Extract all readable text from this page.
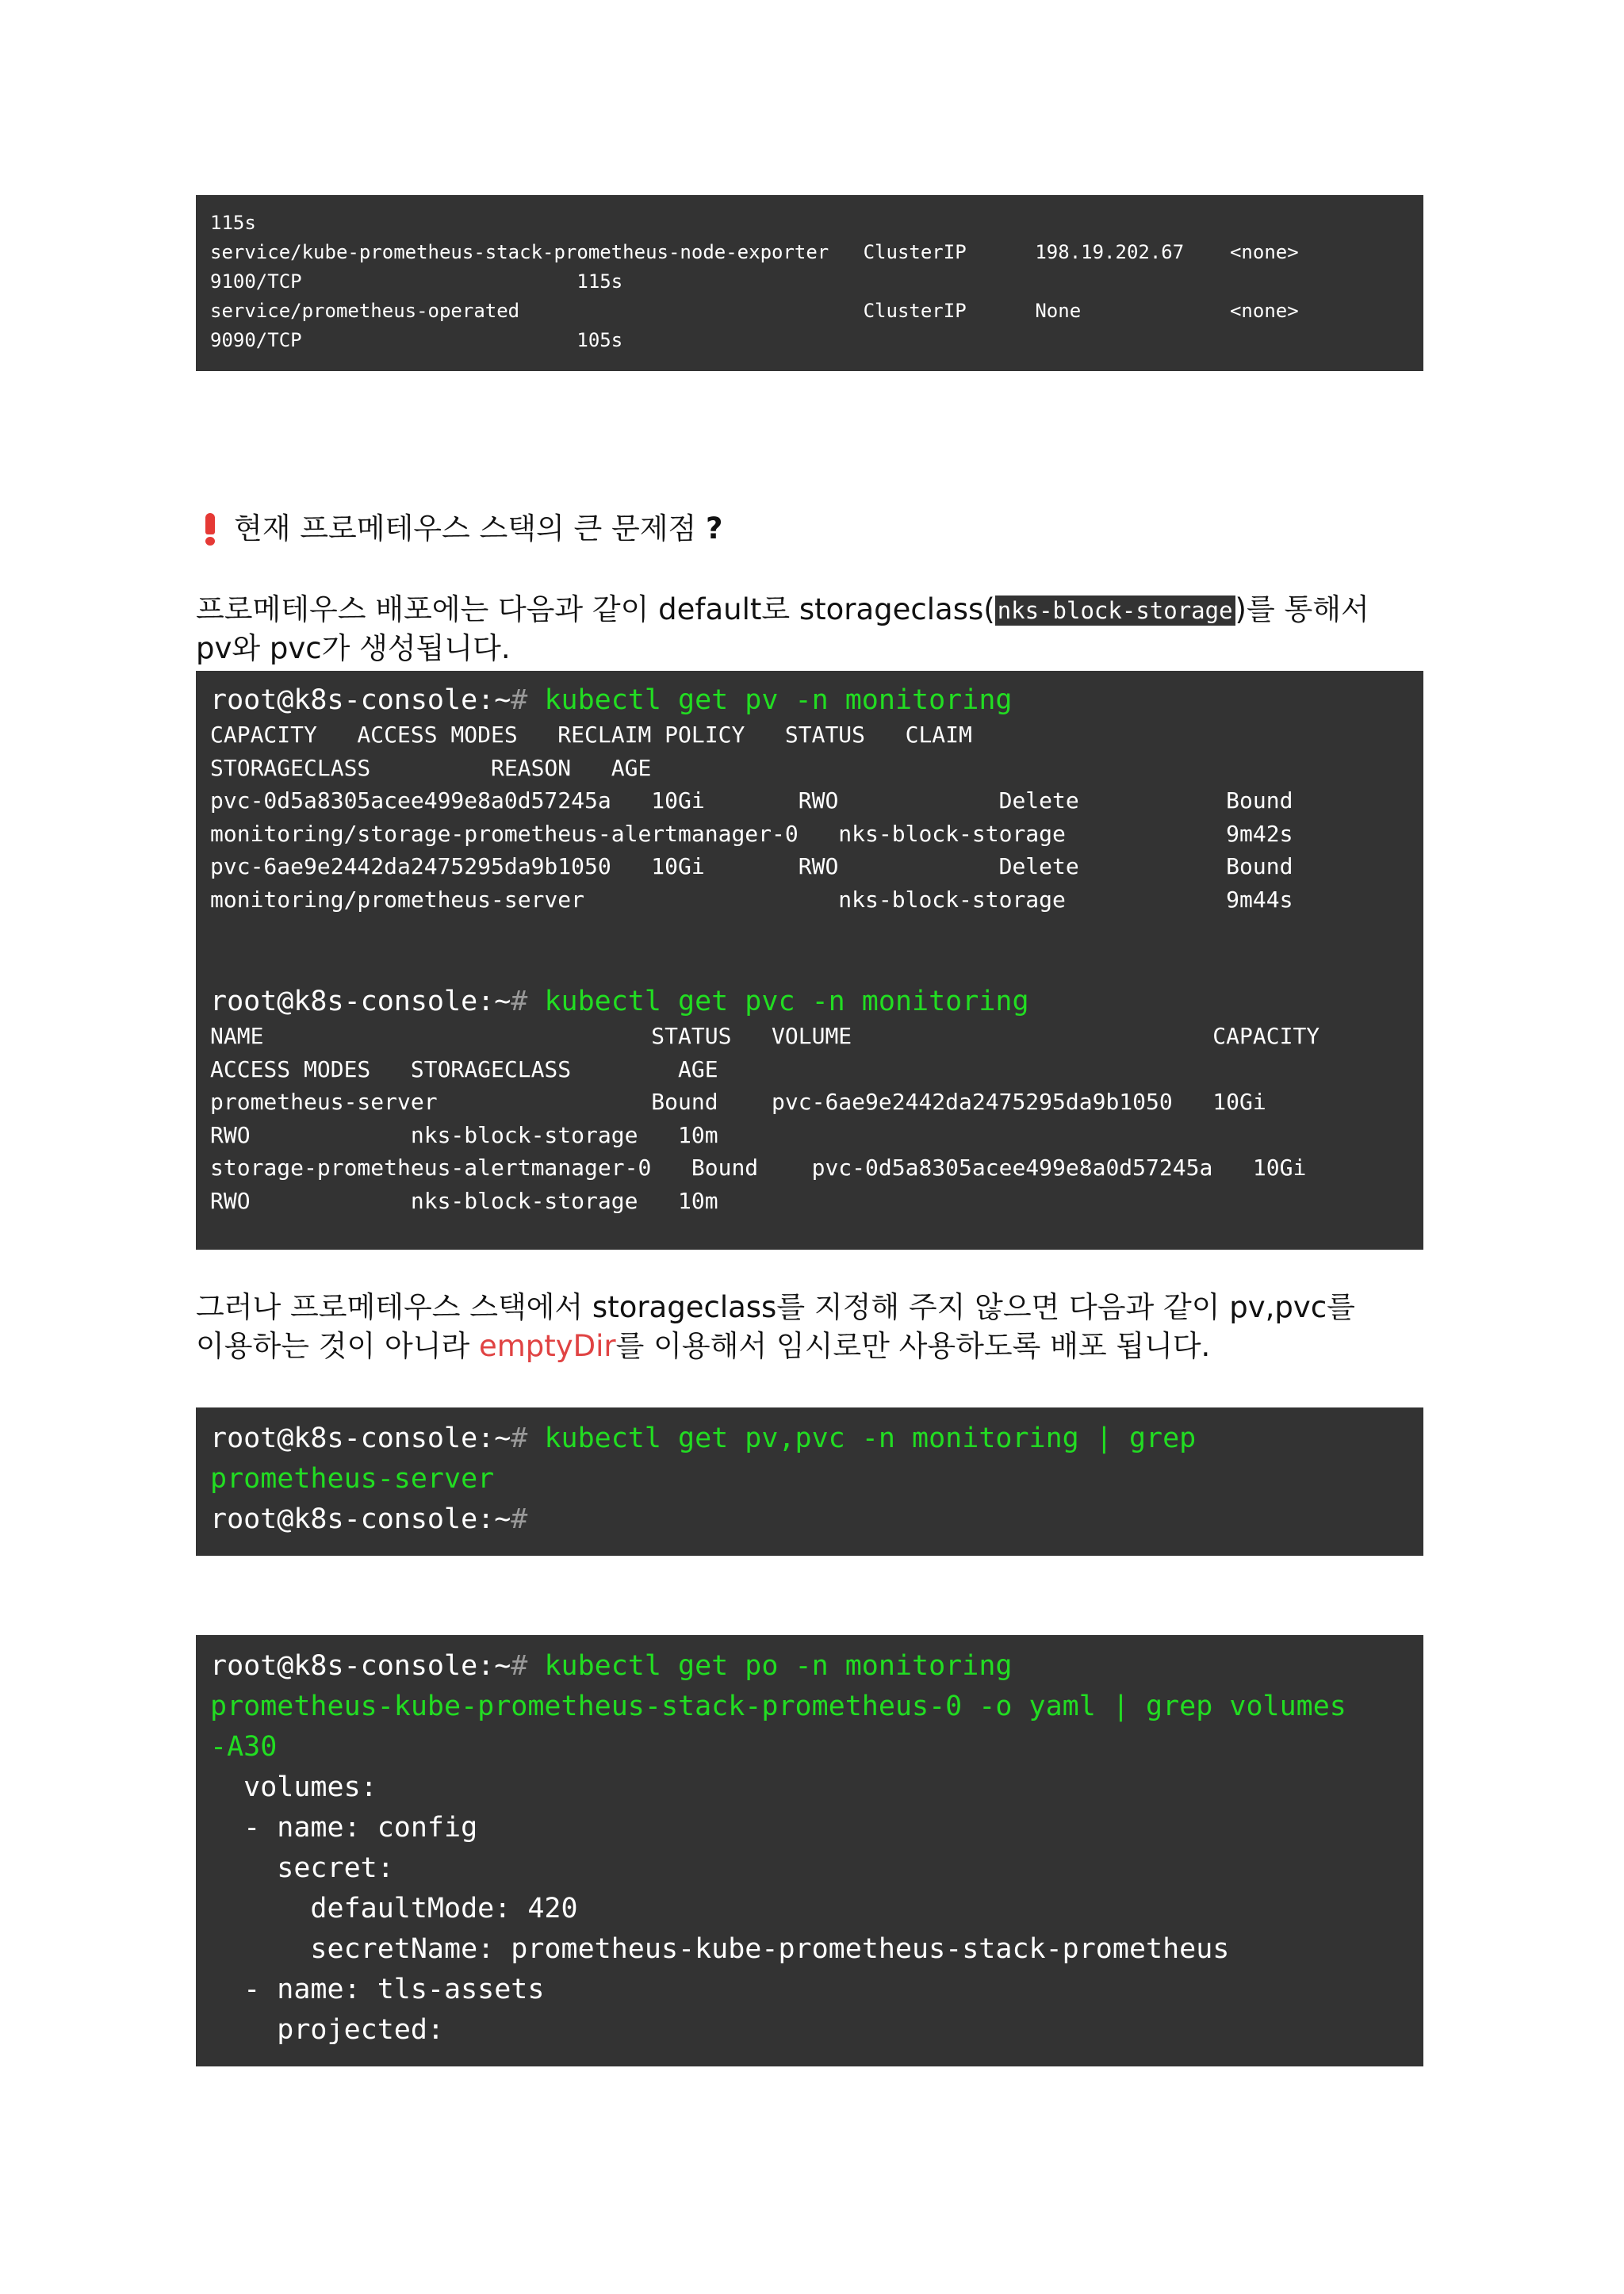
115s
service/kube-prometheus-stack-prometheus-node-exporter   ClusterIP      198.19.202.67    <none>
9100/TCP                        115s
service/prometheus-operated                              ClusterIP      None             <none>
9090/TCP                        105s
현재 프로메테우스 스택의 큰 문제점 ?
프로메테우스 배포에는 다음과 같이 default로 storageclass( nks-block-storage)를 통해서
pv와 pvc가 생성됩니다.
root@k8s-console:~# kubectl get pv -n monitoring
CAPACITY   ACCESS MODES   RECLAIM POLICY   STATUS   CLAIM
STORAGECLASS         REASON   AGE
pvc-0d5a8305acee499e8a0d57245a   10Gi       RWO            Delete           Bound
monitoring/storage-prometheus-alertmanager-0   nks-block-storage            9m42s
pvc-6ae9e2442da2475295da9b1050   10Gi       RWO            Delete           Bound
monitoring/prometheus-server                   nks-block-storage            9m44s
root@k8s-console:~# kubectl get pvc -n monitoring
NAME                             STATUS   VOLUME                           CAPACITY
ACCESS MODES   STORAGECLASS        AGE
prometheus-server                Bound    pvc-6ae9e2442da2475295da9b1050   10Gi
RWO            nks-block-storage   10m
storage-prometheus-alertmanager-0   Bound    pvc-0d5a8305acee499e8a0d57245a   10Gi
RWO            nks-block-storage   10m
그러나 프로메테우스 스택에서 storageclass를 지정해 주지 않으면 다음과 같이 pv,pvc를
이용하는 것이 아니라 emptyDir를 이용해서 임시로만 사용하도록 배포 됩니다.
root@k8s-console:~# kubectl get pv,pvc -n monitoring | grep
prometheus-server
root@k8s-console:~#
root@k8s-console:~# kubectl get po -n monitoring
prometheus-kube-prometheus-stack-prometheus-0 -o yaml | grep volumes
-A30
volumes:
- name: config
secret:
defaultMode: 420
secretName: prometheus-kube-prometheus-stack-prometheus
- name: tls-assets
projected:
